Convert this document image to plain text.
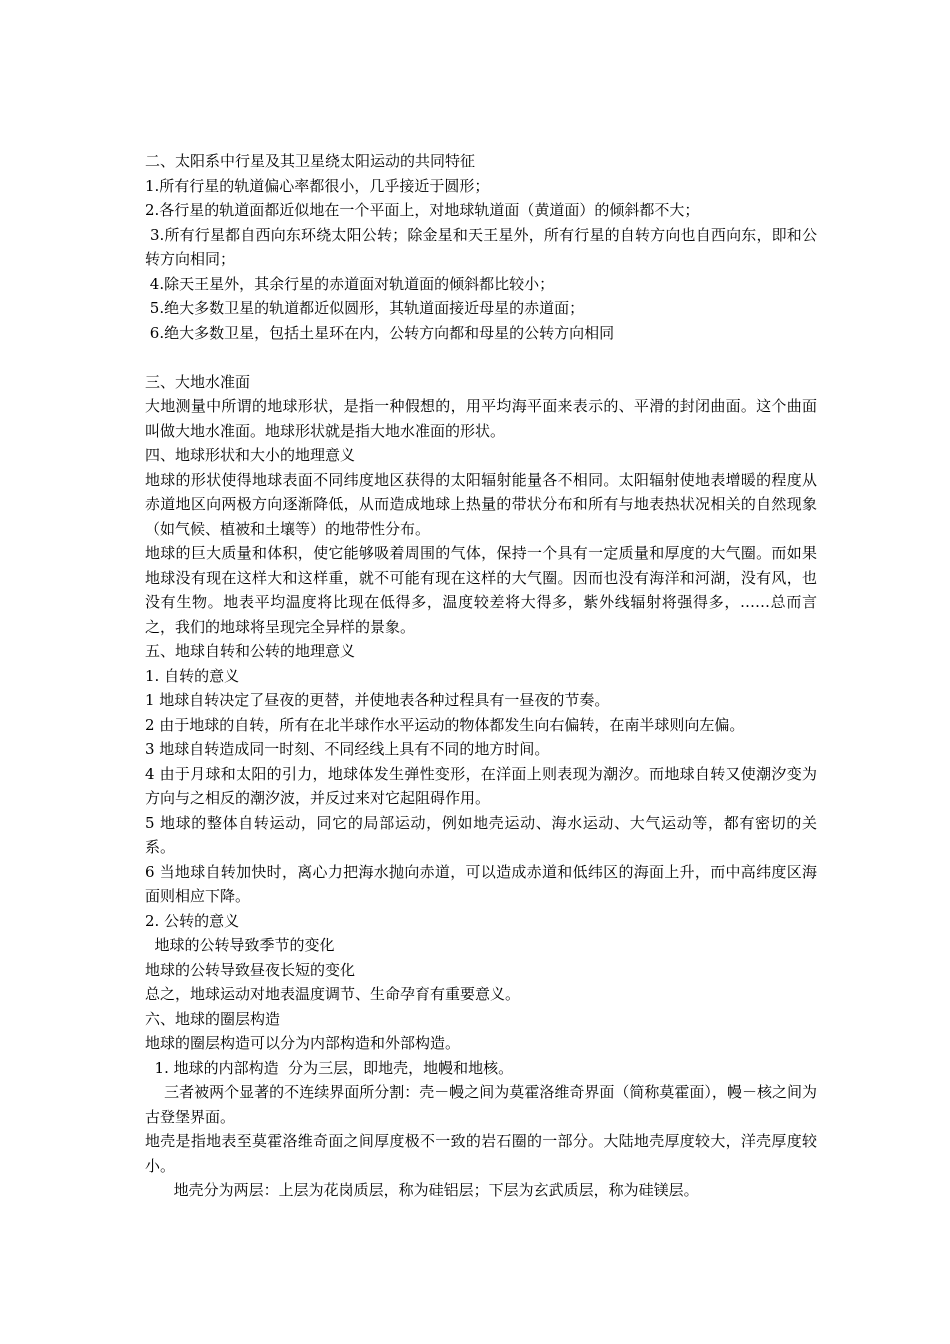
二、太阳系中行星及其卫星绕太阳运动的共同特征

1.所有行星的轨道偏心率都很小，几乎接近于圆形；

2.各行星的轨道面都近似地在一个平面上，对地球轨道面（黄道面）的倾斜都不大；

3.所有行星都自西向东环绕太阳公转；除金星和天王星外，所有行星的自转方向也自西向东，即和公转方向相同；

4.除天王星外，其余行星的赤道面对轨道面的倾斜都比较小；

5.绝大多数卫星的轨道都近似圆形，其轨道面接近母星的赤道面；

6.绝大多数卫星，包括土星环在内，公转方向都和母星的公转方向相同

三、大地水准面

大地测量中所谓的地球形状，是指一种假想的，用平均海平面来表示的、平滑的封闭曲面。这个曲面叫做大地水准面。地球形状就是指大地水准面的形状。

四、地球形状和大小的地理意义

地球的形状使得地球表面不同纬度地区获得的太阳辐射能量各不相同。太阳辐射使地表增暖的程度从赤道地区向两极方向逐渐降低，从而造成地球上热量的带状分布和所有与地表热状况相关的自然现象（如气候、植被和土壤等）的地带性分布。

地球的巨大质量和体积，使它能够吸着周围的气体，保持一个具有一定质量和厚度的大气圈。而如果地球没有现在这样大和这样重，就不可能有现在这样的大气圈。因而也没有海洋和河湖，没有风，也没有生物。地表平均温度将比现在低得多，温度较差将大得多，紫外线辐射将强得多，……总而言之，我们的地球将呈现完全异样的景象。

五、地球自转和公转的地理意义

1. 自转的意义

1 地球自转决定了昼夜的更替，并使地表各种过程具有一昼夜的节奏。

2 由于地球的自转，所有在北半球作水平运动的物体都发生向右偏转，在南半球则向左偏。

3 地球自转造成同一时刻、不同经线上具有不同的地方时间。

4 由于月球和太阳的引力，地球体发生弹性变形，在洋面上则表现为潮汐。而地球自转又使潮汐变为方向与之相反的潮汐波，并反过来对它起阻碍作用。

5 地球的整体自转运动，同它的局部运动，例如地壳运动、海水运动、大气运动等，都有密切的关系。

6 当地球自转加快时，离心力把海水抛向赤道，可以造成赤道和低纬区的海面上升，而中高纬度区海面则相应下降。

2. 公转的意义

地球的公转导致季节的变化

地球的公转导致昼夜长短的变化

总之，地球运动对地表温度调节、生命孕育有重要意义。

六、地球的圈层构造

地球的圈层构造可以分为内部构造和外部构造。

1. 地球的内部构造  分为三层，即地壳，地幔和地核。

三者被两个显著的不连续界面所分割：壳－幔之间为莫霍洛维奇界面（简称莫霍面），幔－核之间为古登堡界面。

地壳是指地表至莫霍洛维奇面之间厚度极不一致的岩石圈的一部分。大陆地壳厚度较大，洋壳厚度较小。

地壳分为两层：上层为花岗质层，称为硅铝层；下层为玄武质层，称为硅镁层。
